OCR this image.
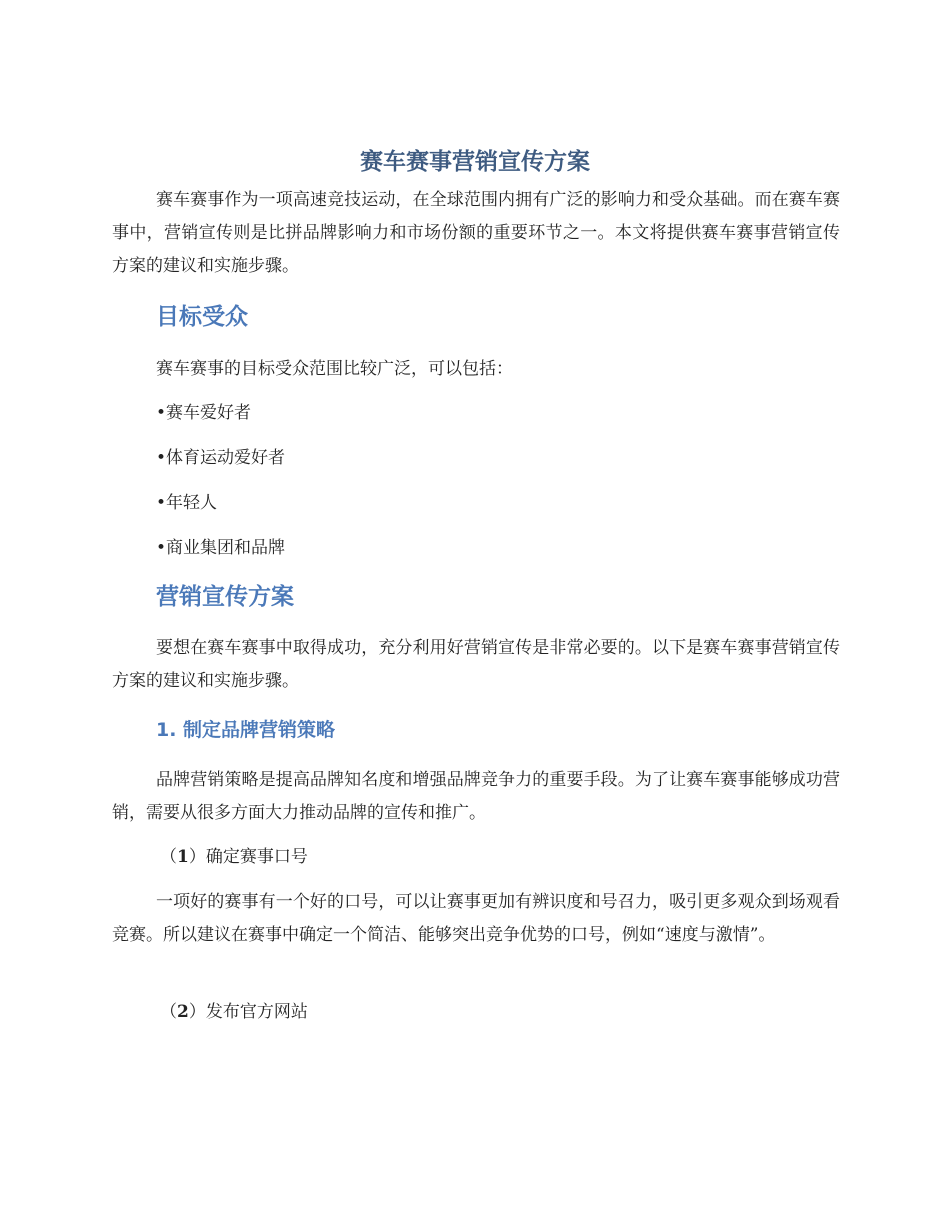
赛车赛事营销宣传方案

赛车赛事作为一项高速竞技运动，在全球范围内拥有广泛的影响力和受众基础。而在赛车赛事中，营销宣传则是比拼品牌影响力和市场份额的重要环节之一。本文将提供赛车赛事营销宣传方案的建议和实施步骤。

目标受众

赛车赛事的目标受众范围比较广泛，可以包括：

•赛车爱好者

•体育运动爱好者

•年轻人

•商业集团和品牌

营销宣传方案

要想在赛车赛事中取得成功，充分利用好营销宣传是非常必要的。以下是赛车赛事营销宣传方案的建议和实施步骤。

1. 制定品牌营销策略

品牌营销策略是提高品牌知名度和增强品牌竞争力的重要手段。为了让赛车赛事能够成功营销，需要从很多方面大力推动品牌的宣传和推广。

（1）确定赛事口号

一项好的赛事有一个好的口号，可以让赛事更加有辨识度和号召力，吸引更多观众到场观看竞赛。所以建议在赛事中确定一个简洁、能够突出竞争优势的口号，例如“速度与激情”。

（2）发布官方网站
